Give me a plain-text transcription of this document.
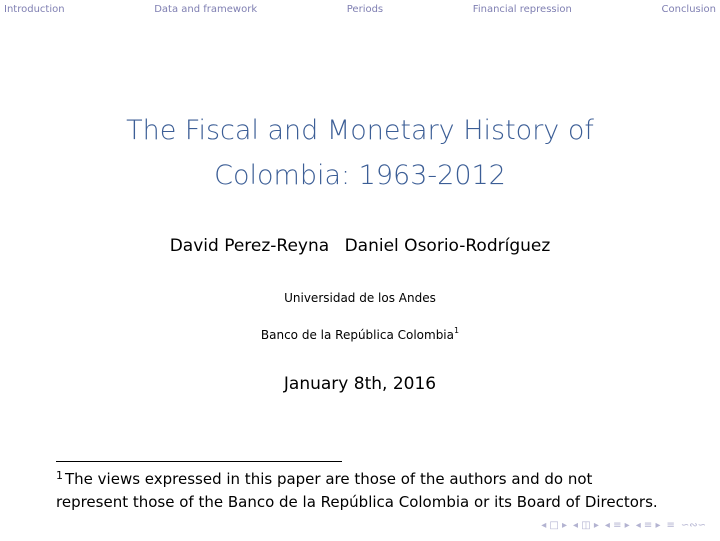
Introduction	Data and framework	Periods	Financial repression	Conclusion
The Fiscal and Monetary History of
Colombia: 1963-2012
David Perez-Reyna Daniel Osorio-Rodríguez
Universidad de los Andes
Banco de la República Colombia$^1$
January 8th, 2016
$^1$ The views expressed in this paper are those of the authors and do not represent those of the Banco de la República Colombia or its Board of Directors.
◂ □ ▸ ◂ ◫ ▸ ◂ ≡ ▸ ◂ ≡ ▸ ≡ ∽∾∽
